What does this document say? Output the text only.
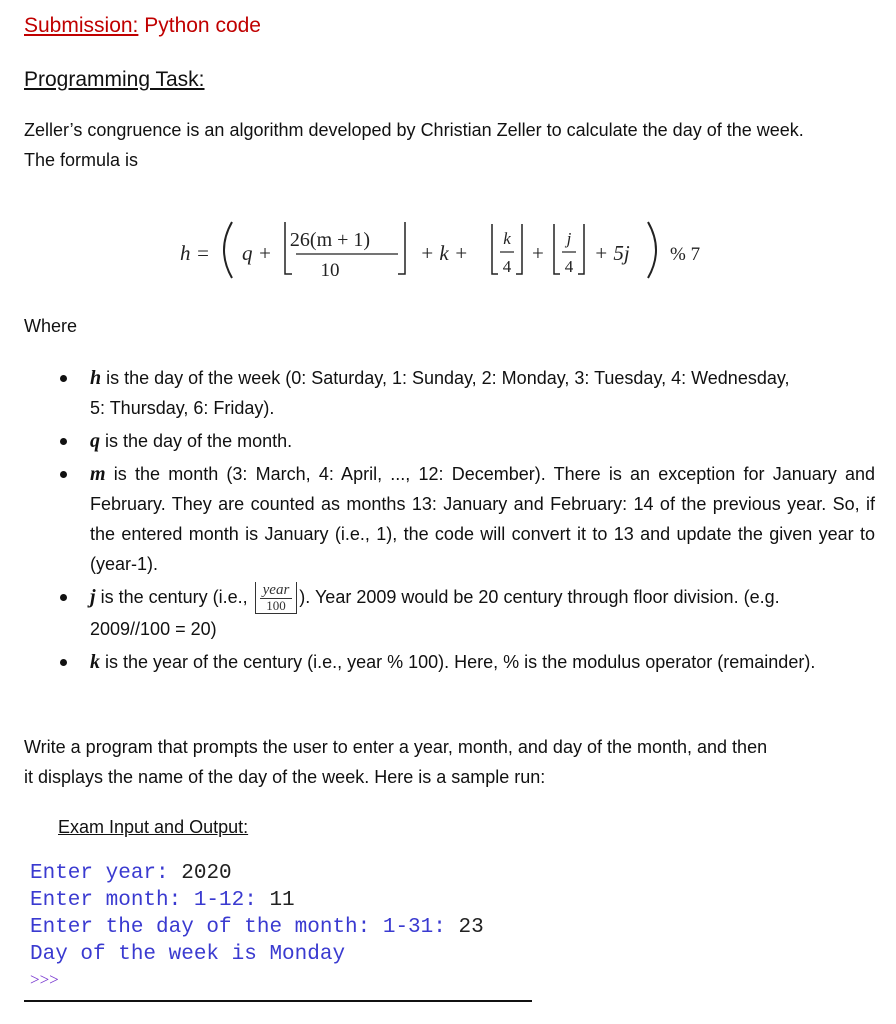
Submission: Python code
Programming Task:
Zeller’s congruence is an algorithm developed by Christian Zeller to calculate the day of the week.
The formula is
h = q +
26(m + 1)
10
+ k +
k
4
+
j
4
+ 5j % 7
Where
h is the day of the week (0: Saturday, 1: Sunday, 2: Monday, 3: Tuesday, 4: Wednesday,
5: Thursday, 6: Friday).
q is the day of the month.
m is the month (3: March, 4: April, ..., 12: December). There is an exception for January and February. They are counted as months 13: January and February: 14 of the previous year. So, if the entered month is January (i.e., 1), the code will convert it to 13 and update the given year to (year-1).
j is the century (i.e., $\frac{\text{year}}{100}$ ). Year 2009 would be 20 century through floor division. (e.g.
2009//100 = 20)
k is the year of the century (i.e., year % 100). Here, % is the modulus operator (remainder).
Write a program that prompts the user to enter a year, month, and day of the month, and then
it displays the name of the day of the week. Here is a sample run:
Exam Input and Output:
Enter year: 2020
Enter month: 1-12: 11
Enter the day of the month: 1-31: 23
Day of the week is Monday
>>>
